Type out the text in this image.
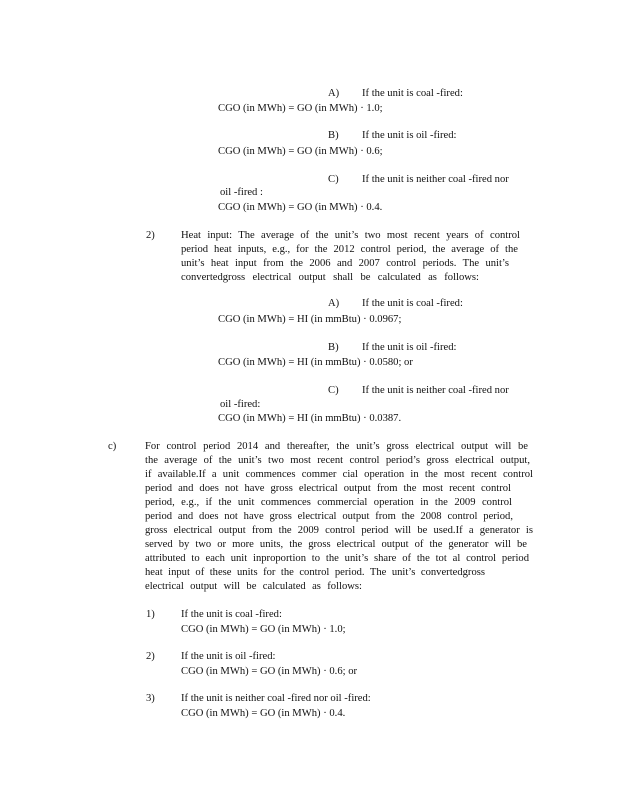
A) If the unit is coal -fired:
CGO (in MWh) = GO (in MWh) · 1.0;
B) If the unit is oil -fired:
CGO (in MWh) = GO (in MWh) · 0.6;
C) If the unit is neither coal -fired nor
oil -fired :
CGO (in MWh) = GO (in MWh) · 0.4.
2) Heat input: The average of the unit’s two most recent years of control
period heat inputs, e.g., for the 2012 control period, the average of the
unit’s heat input from the 2006 and 2007 control periods. The unit’s
convertedgross electrical output shall be calculated as follows:
A) If the unit is coal -fired:
CGO (in MWh) = HI (in mmBtu) · 0.0967;
B) If the unit is oil -fired:
CGO (in MWh) = HI (in mmBtu) · 0.0580; or
C) If the unit is neither coal -fired nor
oil -fired:
CGO (in MWh) = HI (in mmBtu) · 0.0387.
c)	For control period 2014 and thereafter, the unit’s gross electrical output will be
the average of the unit’s two most recent control period’s gross electrical output,
if available.If a unit commences commer cial operation in the most recent control
period and does not have gross electrical output from the most recent control
period, e.g., if the unit commences commercial operation in the 2009 control
period and does not have gross electrical output from the 2008 control period,
gross electrical output from the 2009 control period will be used.If a generator is
served by two or more units, the gross electrical output of the generator will be
attributed to each unit inproportion to the unit’s share of the tot al control period
heat input of these units for the control period. The unit’s convertedgross
electrical output will be calculated as follows:
1) If the unit is coal -fired:
CGO (in MWh) = GO (in MWh) · 1.0;
2) If the unit is oil -fired:
CGO (in MWh) = GO (in MWh) · 0.6; or
3) If the unit is neither coal -fired nor oil -fired:
CGO (in MWh) = GO (in MWh) · 0.4.
